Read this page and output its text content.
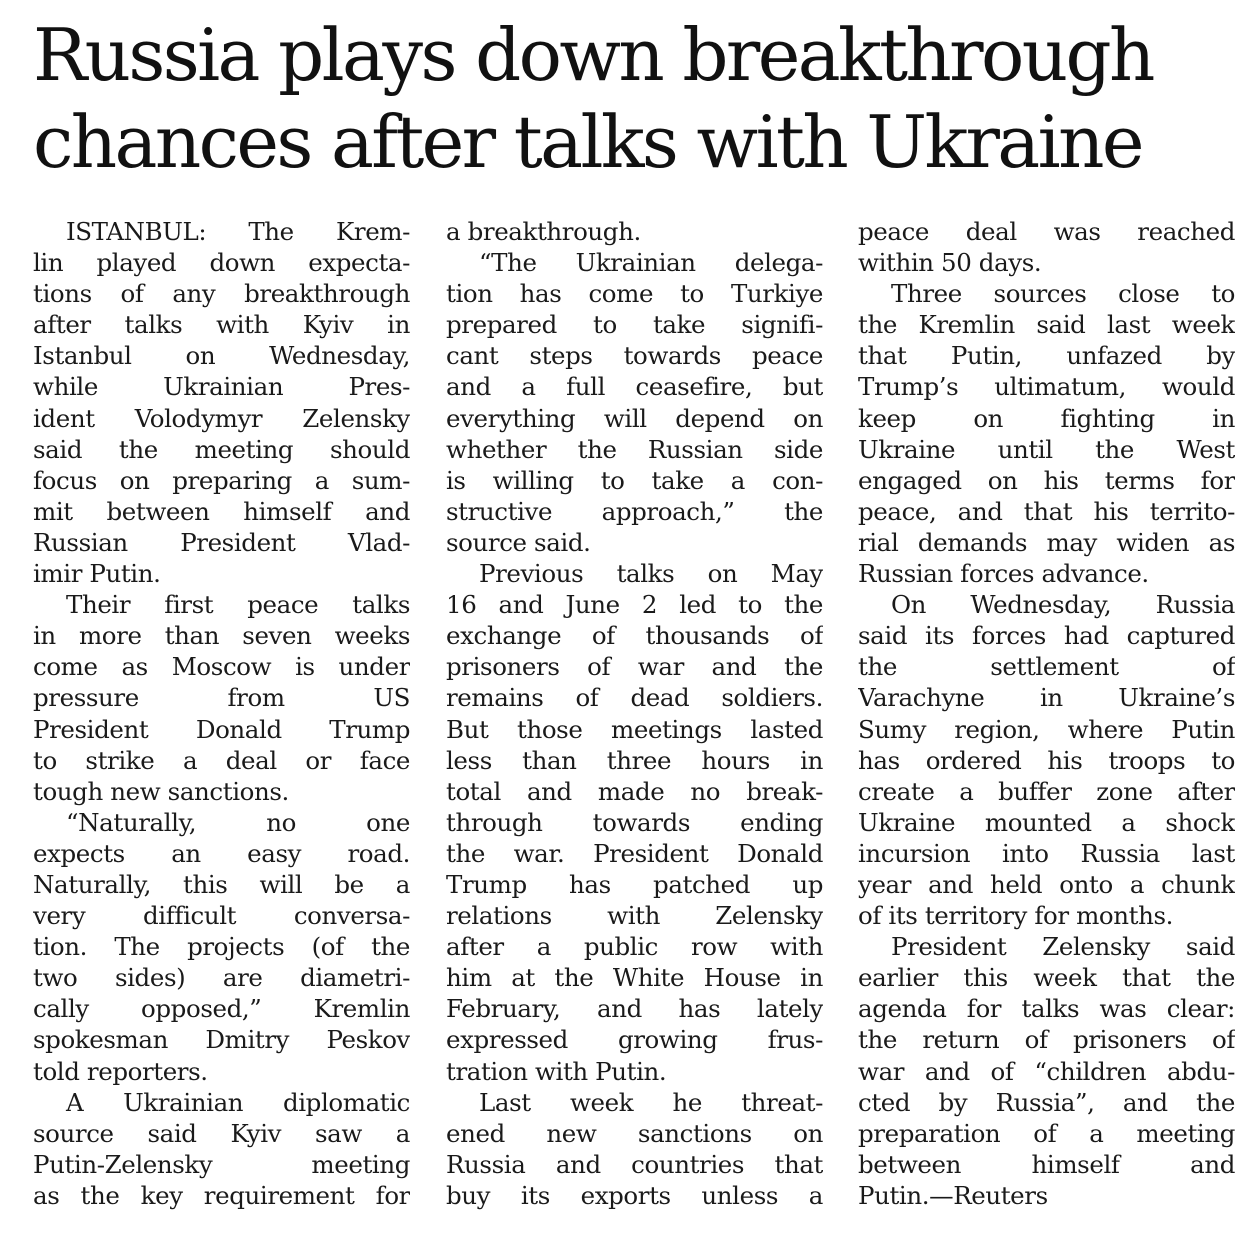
Russia plays down breakthrough
chances after talks with Ukraine
ISTANBUL: The Krem-
lin played down expecta-
tions of any breakthrough
after talks with Kyiv in
Istanbul on Wednesday,
while Ukrainian Pres-
ident Volodymyr Zelensky
said the meeting should
focus on preparing a sum-
mit between himself and
Russian President Vlad-
imir Putin.
Their first peace talks
in more than seven weeks
come as Moscow is under
pressure from US
President Donald Trump
to strike a deal or face
tough new sanctions.
“Naturally, no one
expects an easy road.
Naturally, this will be a
very difficult conversa-
tion. The projects (of the
two sides) are diametri-
cally opposed,” Kremlin
spokesman Dmitry Peskov
told reporters.
A Ukrainian diplomatic
source said Kyiv saw a
Putin-Zelensky meeting
as the key requirement for
a breakthrough.
“The Ukrainian delega-
tion has come to Turkiye
prepared to take signifi-
cant steps towards peace
and a full ceasefire, but
everything will depend on
whether the Russian side
is willing to take a con-
structive approach,” the
source said.
Previous talks on May
16 and June 2 led to the
exchange of thousands of
prisoners of war and the
remains of dead soldiers.
But those meetings lasted
less than three hours in
total and made no break-
through towards ending
the war. President Donald
Trump has patched up
relations with Zelensky
after a public row with
him at the White House in
February, and has lately
expressed growing frus-
tration with Putin.
Last week he threat-
ened new sanctions on
Russia and countries that
buy its exports unless a
peace deal was reached
within 50 days.
Three sources close to
the Kremlin said last week
that Putin, unfazed by
Trump’s ultimatum, would
keep on fighting in
Ukraine until the West
engaged on his terms for
peace, and that his territo-
rial demands may widen as
Russian forces advance.
On Wednesday, Russia
said its forces had captured
the settlement of
Varachyne in Ukraine’s
Sumy region, where Putin
has ordered his troops to
create a buffer zone after
Ukraine mounted a shock
incursion into Russia last
year and held onto a chunk
of its territory for months.
President Zelensky said
earlier this week that the
agenda for talks was clear:
the return of prisoners of
war and of “children abdu-
cted by Russia”, and the
preparation of a meeting
between himself and
Putin.—Reuters
